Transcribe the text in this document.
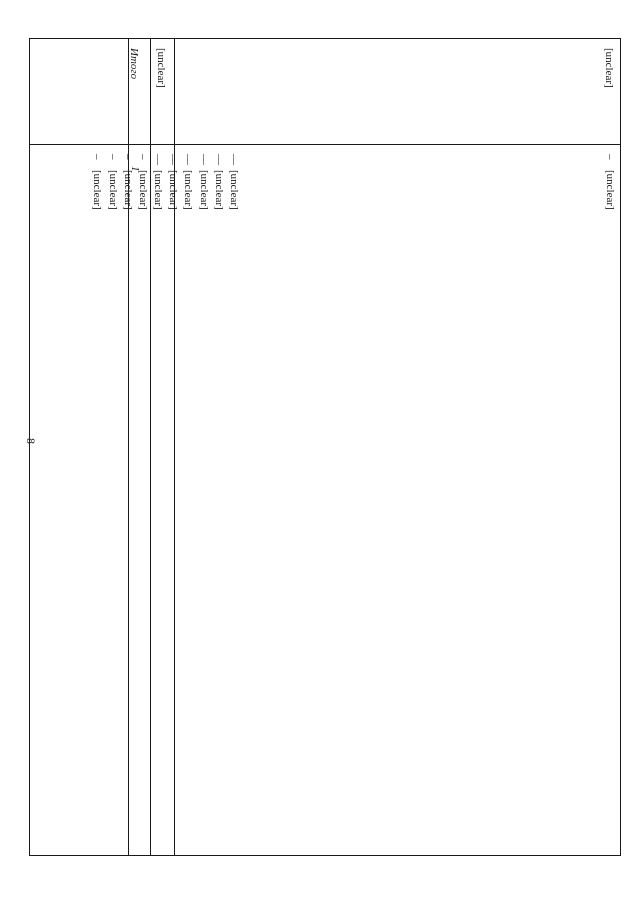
8
[unclear]
[unclear]
Итого
1

–
[unclear]

—
[unclear]

—
[unclear]

—
[unclear]

—
[unclear]

—
[unclear]

—
[unclear]

–
[unclear]

–
[unclear]

–
[unclear]

–
[unclear]
